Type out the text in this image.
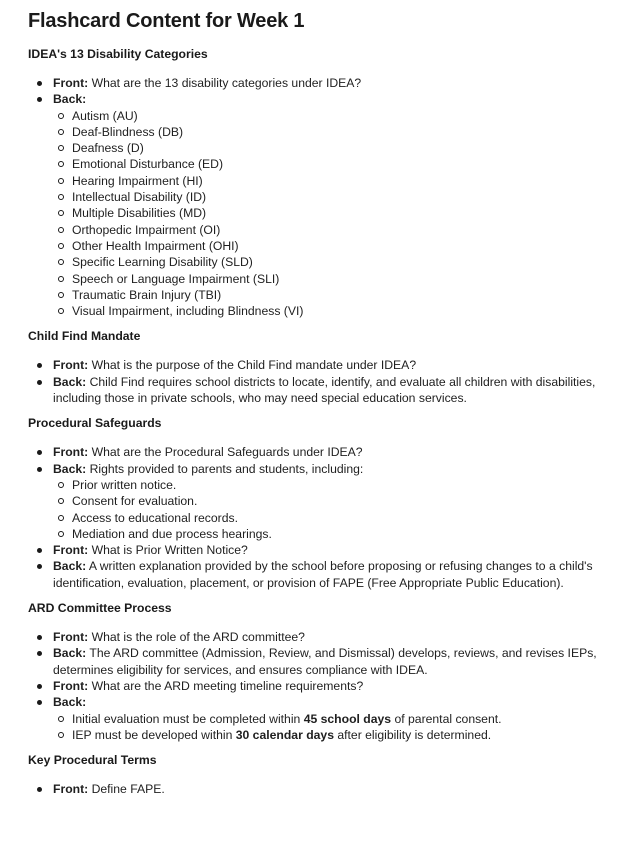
Flashcard Content for Week 1
IDEA's 13 Disability Categories
Front: What are the 13 disability categories under IDEA?
Back:
Autism (AU)
Deaf-Blindness (DB)
Deafness (D)
Emotional Disturbance (ED)
Hearing Impairment (HI)
Intellectual Disability (ID)
Multiple Disabilities (MD)
Orthopedic Impairment (OI)
Other Health Impairment (OHI)
Specific Learning Disability (SLD)
Speech or Language Impairment (SLI)
Traumatic Brain Injury (TBI)
Visual Impairment, including Blindness (VI)
Child Find Mandate
Front: What is the purpose of the Child Find mandate under IDEA?
Back: Child Find requires school districts to locate, identify, and evaluate all children with disabilities, including those in private schools, who may need special education services.
Procedural Safeguards
Front: What are the Procedural Safeguards under IDEA?
Back: Rights provided to parents and students, including:
Prior written notice.
Consent for evaluation.
Access to educational records.
Mediation and due process hearings.
Front: What is Prior Written Notice?
Back: A written explanation provided by the school before proposing or refusing changes to a child's identification, evaluation, placement, or provision of FAPE (Free Appropriate Public Education).
ARD Committee Process
Front: What is the role of the ARD committee?
Back: The ARD committee (Admission, Review, and Dismissal) develops, reviews, and revises IEPs, determines eligibility for services, and ensures compliance with IDEA.
Front: What are the ARD meeting timeline requirements?
Back:
Initial evaluation must be completed within 45 school days of parental consent.
IEP must be developed within 30 calendar days after eligibility is determined.
Key Procedural Terms
Front: Define FAPE.
